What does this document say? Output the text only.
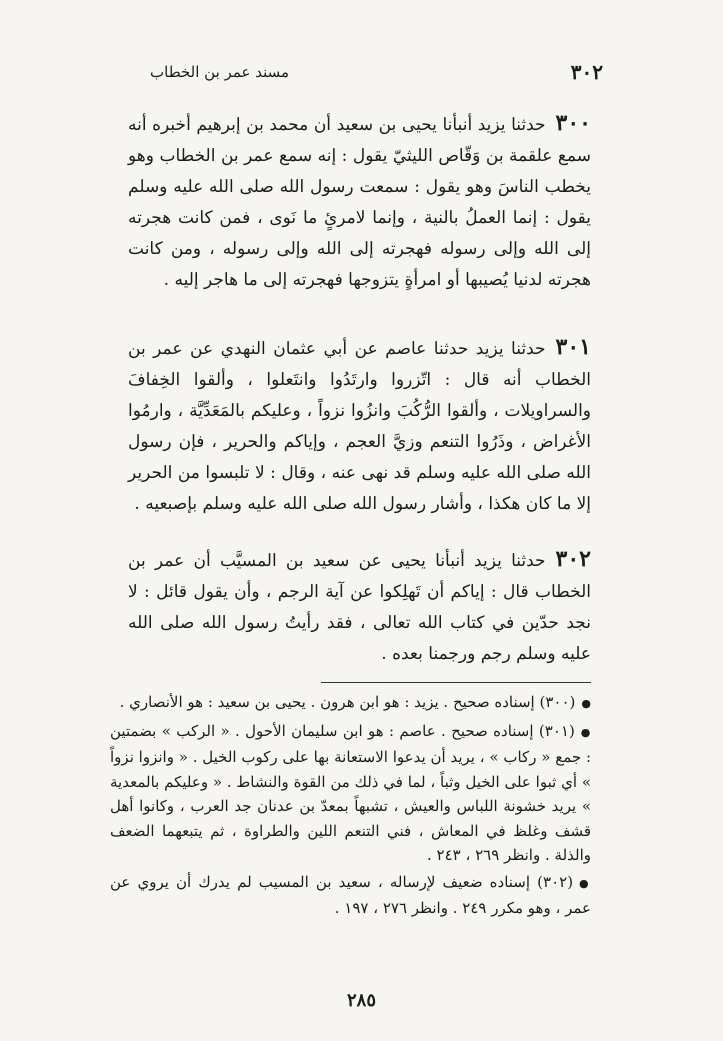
٣٠٢
مسند عمر بن الخطاب
٣٠٠حدثنا يزيد أنبأنا يحيى بن سعيد أن محمد بن إبرهيم أخبره أنه سمع علقمة بن وَقّاص الليثيّ يقول : إنه سمع عمر بن الخطاب وهو يخطب الناسَ وهو يقول : سمعت رسول الله صلى الله عليه وسلم يقول : إنما العملُ بالنية ، وإنما لامرئٍ ما نَوى ، فمن كانت هجرته إلى الله وإلى رسوله فهجرته إلى الله وإلى رسوله ، ومن كانت هجرته لدنيا يُصيبها أو امرأةٍ يتزوجها فهجرته إلى ما هاجر إليه .
٣٠١حدثنا يزيد حدثنا عاصم عن أبي عثمان النهدي عن عمر بن الخطاب أنه قال : اتّزروا وارتَدُوا وانتَعلوا ، وألقوا الخِفافَ والسراويلات ، وألقوا الرُّكُبَ وانزُوا نزواً ، وعليكم بالمَعَدِّيَّة ، وارمُوا الأغراض ، وذَرُوا التنعم وزيَّ العجم ، وإياكم والحرير ، فإن رسول الله صلى الله عليه وسلم قد نهى عنه ، وقال : لا تلبسوا من الحرير إلا ما كان هكذا ، وأشار رسول الله صلى الله عليه وسلم بإصبعيه .
٣٠٢حدثنا يزيد أنبأنا يحيى عن سعيد بن المسيَّب أن عمر بن الخطاب قال : إياكم أن تَهلِكوا عن آية الرجم ، وأن يقول قائل : لا نجد حدّين في كتاب الله تعالى ، فقد رأيتُ رسول الله صلى الله عليه وسلم رجم ورجمنا بعده .

●(٣٠٠) إسناده صحيح . يزيد : هو ابن هرون . يحيى بن سعيد : هو الأنصاري .

●(٣٠١) إسناده صحيح . عاصم : هو ابن سليمان الأحول . « الركب » بضمتين : جمع « ركاب » ، يريد أن يدعوا الاستعانة بها على ركوب الخيل . « وانزوا نزواً » أي ثبوا على الخيل وثباً ، لما في ذلك من القوة والنشاط . « وعليكم بالمعدية » يريد خشونة اللباس والعيش ، تشبهاً بمعدّ بن عدنان جد العرب ، وكانوا أهل قشف وغلظ في المعاش ، فني التنعم اللين والطراوة ، ثم يتبعهما الضعف والذلة . وانظر ٢٦٩ ، ٢٤٣ .

●(٣٠٢) إسناده ضعيف لإرساله ، سعيد بن المسيب لم يدرك أن يروي عن عمر ، وهو مكرر ٢٤٩ . وانظر ٢٧٦ ، ١٩٧ .

٢٨٥
